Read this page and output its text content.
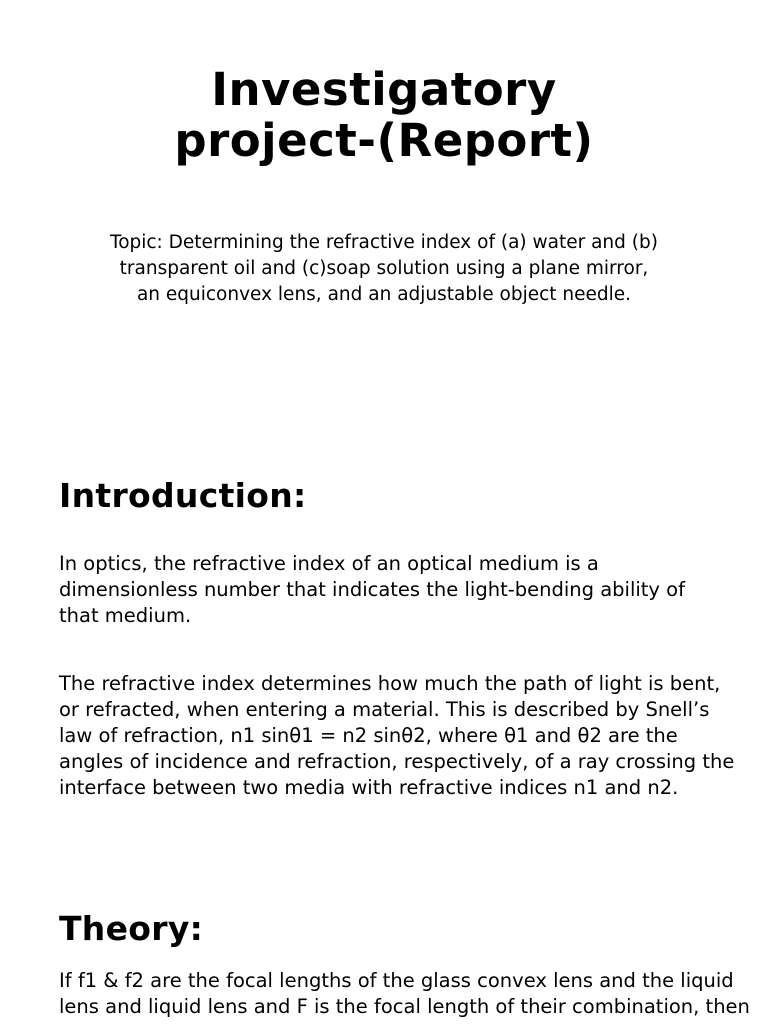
Investigatory
project-(Report)
Topic: Determining the refractive index of (a) water and (b)
transparent oil and (c)soap solution using a plane mirror,
an equiconvex lens, and an adjustable object needle.
Introduction:
In optics, the refractive index of an optical medium is a
dimensionless number that indicates the light-bending ability of
that medium.
The refractive index determines how much the path of light is bent,
or refracted, when entering a material. This is described by Snell’s
law of refraction, n1 sinθ1 = n2 sinθ2, where θ1 and θ2 are the
angles of incidence and refraction, respectively, of a ray crossing the
interface between two media with refractive indices n1 and n2.
Theory:
If f1 & f2 are the focal lengths of the glass convex lens and the liquid
lens and liquid lens and F is the focal length of their combination, then
